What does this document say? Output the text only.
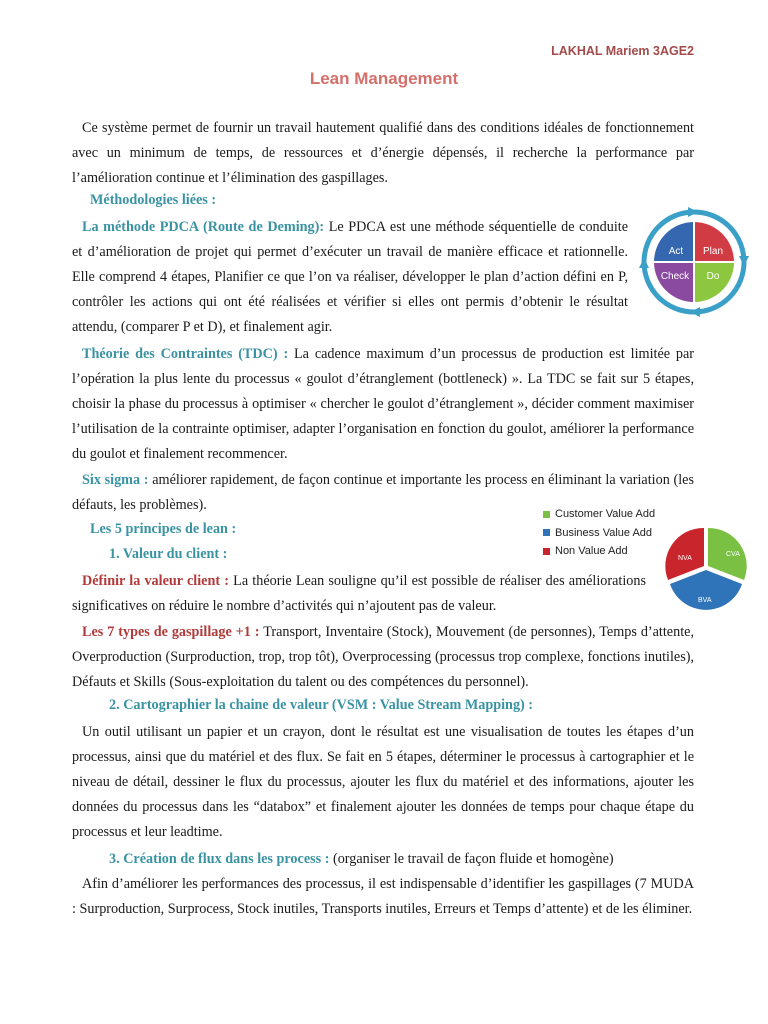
LAKHAL Mariem 3AGE2
Lean Management
Ce système permet de fournir un travail hautement qualifié dans des conditions idéales de fonctionnement avec un minimum de temps, de ressources et d’énergie dépensés, il recherche la performance par l’amélioration continue et l’élimination des gaspillages.
Méthodologies liées :
La méthode PDCA (Route de Deming): Le PDCA est une méthode séquentielle de conduite et d’amélioration de projet qui permet d’exécuter un travail de manière efficace et rationnelle. Elle comprend 4 étapes, Planifier ce que l’on va réaliser, développer le plan d’action défini en P, contrôler les actions qui ont été réalisées et vérifier si elles ont permis d’obtenir le résultat attendu, (comparer P et D), et finalement agir.
Act Plan
Check Do
Théorie des Contraintes (TDC) : La cadence maximum d’un processus de production est limitée par l’opération la plus lente du processus « goulot d’étranglement (bottleneck) ». La TDC se fait sur 5 étapes, choisir la phase du processus à optimiser « chercher le goulot d’étranglement », décider comment maximiser l’utilisation de la contrainte optimiser, adapter l’organisation en fonction du goulot, améliorer la performance du goulot et finalement recommencer.
Six sigma : améliorer rapidement, de façon continue et importante les process en éliminant la variation (les défauts, les problèmes).
Customer Value Add
Business Value Add
Non Value Add
Les 5 principes de lean :
1. Valeur du client :	NVA
CVA
BVA
Définir la valeur client : La théorie Lean souligne qu’il est possible de réaliser des améliorations significatives on réduire le nombre d’activités qui n’ajoutent pas de valeur.
Les 7 types de gaspillage +1 : Transport, Inventaire (Stock), Mouvement (de personnes), Temps d’attente, Overproduction (Surproduction, trop, trop tôt), Overprocessing (processus trop complexe, fonctions inutiles), Défauts et Skills (Sous-exploitation du talent ou des compétences du personnel).
2. Cartographier la chaine de valeur (VSM : Value Stream Mapping) :
Un outil utilisant un papier et un crayon, dont le résultat est une visualisation de toutes les étapes d’un processus, ainsi que du matériel et des flux. Se fait en 5 étapes, déterminer le processus à cartographier et le niveau de détail, dessiner le flux du processus, ajouter les flux du matériel et des informations, ajouter les données du processus dans les “databox” et finalement ajouter les données de temps pour chaque étape du processus et leur leadtime.
3. Création de flux dans les process : (organiser le travail de façon fluide et homogène)
Afin d’améliorer les performances des processus, il est indispensable d’identifier les gaspillages (7 MUDA : Surproduction, Surprocess, Stock inutiles, Transports inutiles, Erreurs et Temps d’attente) et de les éliminer.
